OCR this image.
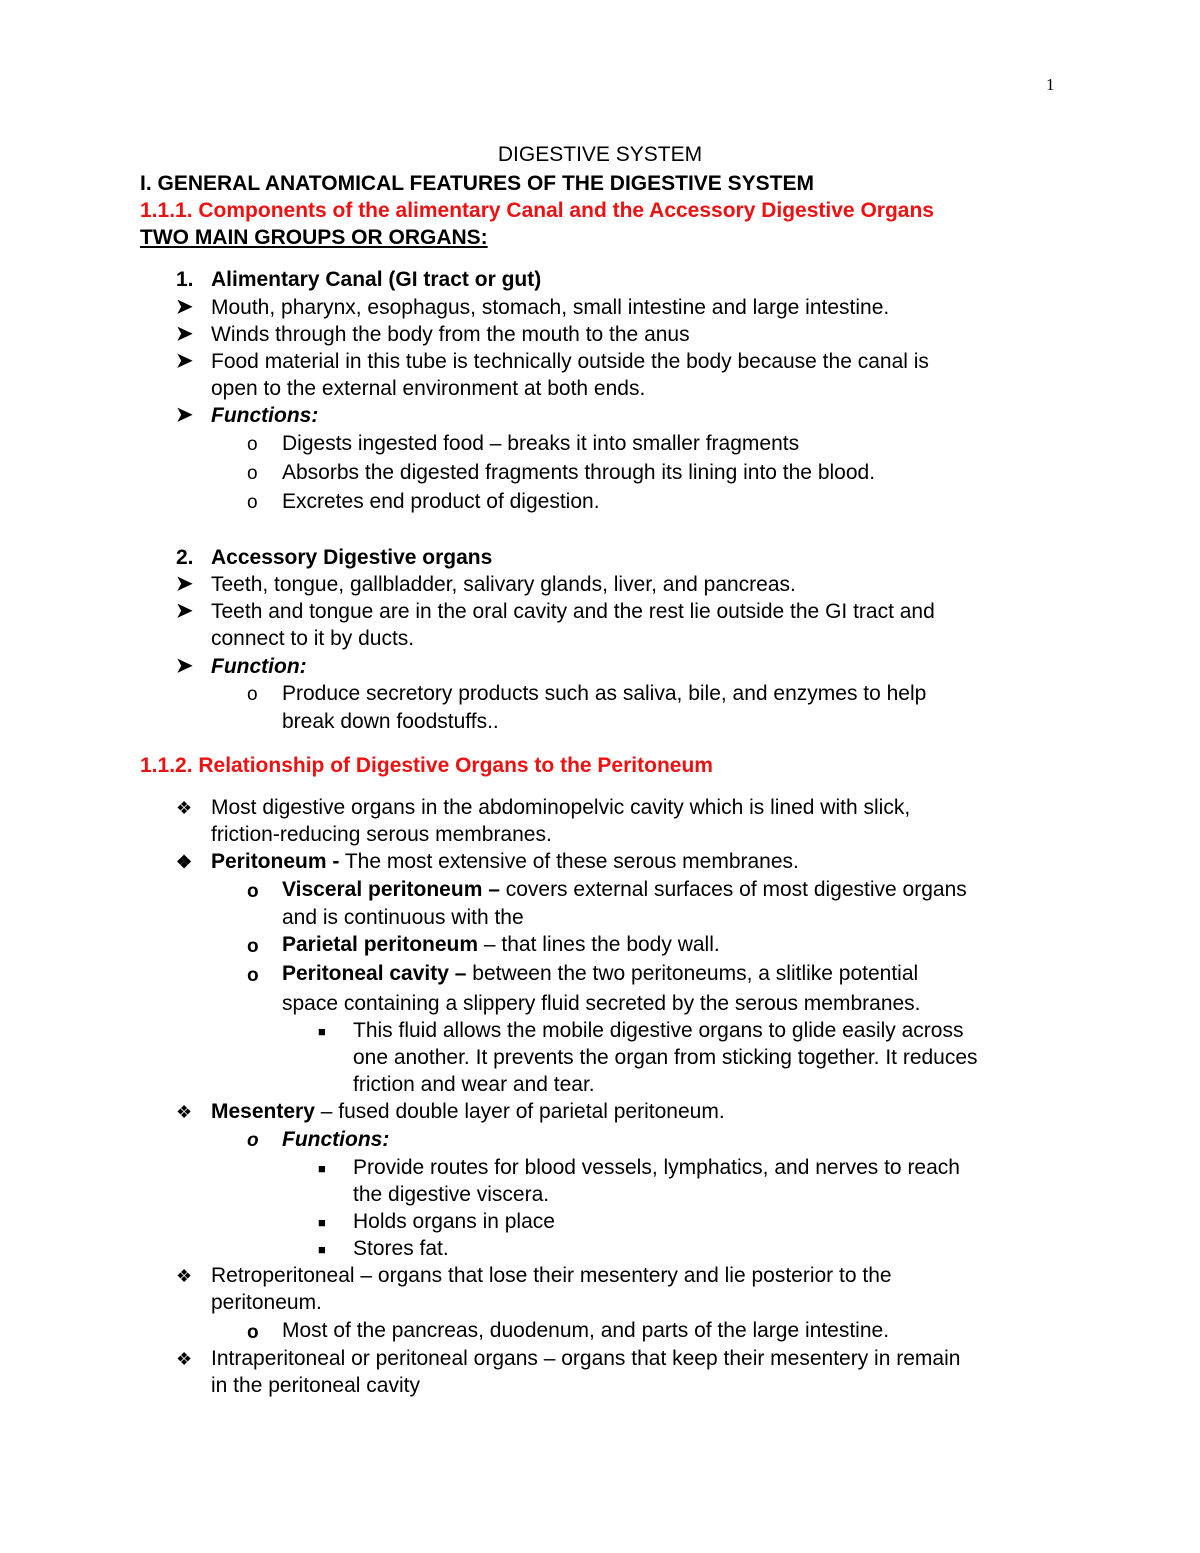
1
DIGESTIVE SYSTEM
I. GENERAL ANATOMICAL FEATURES OF THE DIGESTIVE SYSTEM
1.1.1. Components of the alimentary Canal and the Accessory Digestive Organs
TWO MAIN GROUPS OR ORGANS:
1. Alimentary Canal (GI tract or gut)
➤ Mouth, pharynx, esophagus, stomach, small intestine and large intestine.
➤ Winds through the body from the mouth to the anus
➤ Food material in this tube is technically outside the body because the canal is
open to the external environment at both ends.
➤ Functions:
o Digests ingested food – breaks it into smaller fragments
o Absorbs the digested fragments through its lining into the blood.
o Excretes end product of digestion.
2. Accessory Digestive organs
➤ Teeth, tongue, gallbladder, salivary glands, liver, and pancreas.
➤ Teeth and tongue are in the oral cavity and the rest lie outside the GI tract and
connect to it by ducts.
➤ Function:
o Produce secretory products such as saliva, bile, and enzymes to help
break down foodstuffs..
1.1.2. Relationship of Digestive Organs to the Peritoneum
❖ Most digestive organs in the abdominopelvic cavity which is lined with slick,
friction-reducing serous membranes.
❖ Peritoneum - The most extensive of these serous membranes.
o Visceral peritoneum – covers external surfaces of most digestive organs
and is continuous with the
o Parietal peritoneum – that lines the body wall.
o Peritoneal cavity – between the two peritoneums, a slitlike potential
space containing a slippery fluid secreted by the serous membranes.
■ This fluid allows the mobile digestive organs to glide easily across
one another. It prevents the organ from sticking together. It reduces
friction and wear and tear.
❖ Mesentery – fused double layer of parietal peritoneum.
o Functions:
■ Provide routes for blood vessels, lymphatics, and nerves to reach
the digestive viscera.
■ Holds organs in place
■ Stores fat.
❖ Retroperitoneal – organs that lose their mesentery and lie posterior to the
peritoneum.
o Most of the pancreas, duodenum, and parts of the large intestine.
❖ Intraperitoneal or peritoneal organs – organs that keep their mesentery in remain
in the peritoneal cavity
